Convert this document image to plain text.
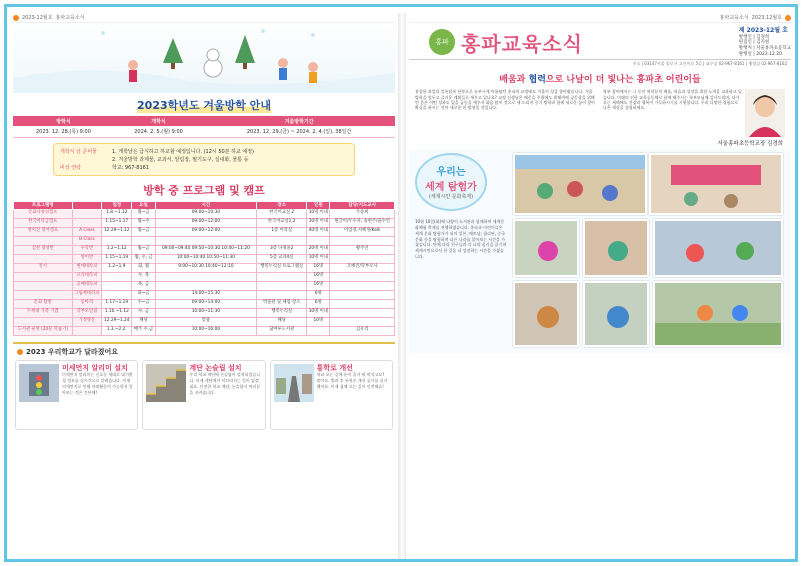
2023-12월호 홍파교육소식
2023학년도 겨울방학 안내
방학식	개학식	겨울방학기간
2023. 12. 28.(목) 9:00	2024. 2. 5.(월) 9:00	2023. 12. 29.(금) ~ 2024. 2. 4.(일), 38일간
개학식 날 준비물	1. 개학날은 급식하고 하교할 예정입니다. (12시 50분 하교 예정)
2. 겨울방학 과제물, 교과서, 알림장, 필기도구, 실내화, 물통 등
비상 연락	학교: 967-8161
방학 중 프로그램 및 캠프
프로그램명		일정	요일	시간	장소	인원	담당/지도교사
문화다양성캠프		1.8.~1.12	월~금	09:00~10:30	한국어교실 2	10명 이내	두승희
한국어학급캠프		1.15~1.17	월~수	09:00~12:00	한국어교실1,2	10명 이내	원글이/두수자, 숭현주/윤수연
방어진 영어캠프	A Class	12.29~1.12	월~금	09:00~12:00	1층 어학실	40명 이내	이엄경,서혜정/Kelli
	B Class						
심천 향상반	수학반	1.2~1.12	월~금	09:00~09:40 09:50~10:30 10:40~11:20	3층 다정올2	20명 이내	황주연
	영어반	1.15~1.19	월, 수, 금	10:00~10:40 10:50~11:30	5층 교과4실	10명 이내	
정서	현예테라피	1.2~1.9	화, 월	9:00~10:30 10:40~12:10	행복누리실 프로그램실	16명	조예진/학부모사
	요리테라피		수, 목			16명	
	공예테라피		목, 금			16명	
	그림책테라피		화~금	14:00~15:30		6명	
문화 탐방	동아리	1.17~1.19	수~금	09:00~14:00	박물관 및 체험 장소	6명	
두세대 가족 기쁨	학부모밀접	1.10.~1.12	수, 금	10:00~11:30	행복누리실	10명 이내	
	가정방문	12.29~1.24	해당	맞춤	해당	10명	
도서관 운영 (20분 학습기)		1.3.~2.2.	매주 수,금	10:00~16:00	꿈마루도서관		김유리
2023 우리학교가 달라졌어요
미세먼지 알리미 설치
미세먼지 알리미는 신호등 형태로 대기환경 정보를 실시간으로 알려줍니다. 이제 미세먼지로 인해 야외활동이 가능한지 알아보는 것은 간단해!
계단 논슬립 설치
우리 학교 계단에 논슬립이 설치되었습니다. 이제 계단에서 미끄러지는 일이 없겠네요. 안전한 학교 계단, 논슬립이 여러분을 지켜줍니다.
통학로 개선
학교 오는 길에 눈이 올거 뭐 막지고요? 맞아요. 방과 후 통학로 개선 공사를 실시했어요. 이제 집에 오는 길이 안전해요!
홍파교육소식 2023.12월호
홍파 홍파교육소식
제 2023-12월 호
발행인 | 김경희
편집인 | 김지현
발행처 | 서울홍파초등학교
발행일 | 2023.12.20.
주소 | 03147서울 종로구 고신이로 5길 | 교무실 02-967-8161 | 행정실 02-967-8162
배움과 협력으로 나날이 더 빛나는 홍파초 어린이들

홍성한 과일과 알록달록 단풍으로 눈부시게 아름답던 홍파의 교정에도 겨울이 성큼 찾아왔습니다. 겨울 방학을 앞두고 즐거운 계획들로 세우고 있나요? 교정 선생님은 배웅을 주위에도 위해력에 공동창을 위해번 좋은 어떤 성과도 있을 공동을 세우자 화음 많이 것으로 새 드리지 중기 방학과 함께 새로운 꿈이 찾아 확실을 하시는 것이 새로운 한 방향일 것입니다.

학부 참여에서는 그 동안 여러분의 배움, 학습과 성장을 위한 노력을 교육하고 있습니다. 미래의 선한 교육공동체로 함께 해주시는 학부모님께 감사드리며, 다가오는 새해에도 건강과 행복이 가득하시기를 기원합니다. 우리 다양한 경험으로 나온 세상을 경험하세요.

서울홍파초등학교장 김경희
우리는
세계 탐험가
(세계시민 문화축제)
10월 10일(화)에 다양이 도서관과 함께하여 세계문화체험 축제를 진행하였습니다. 홍파초 어린이들은 세계 문화 탐험가가 되어 일본, 베트남, 필리핀, 중국 문화 등을 탐험하며 다른 나라를 알아보는 시간을 가졌습니다. 단체 나라 친구들과 각 나라 음식을 즐기며 세계시민으로서 한 걸음 더 성장하는 시간을 가졌습니다.
